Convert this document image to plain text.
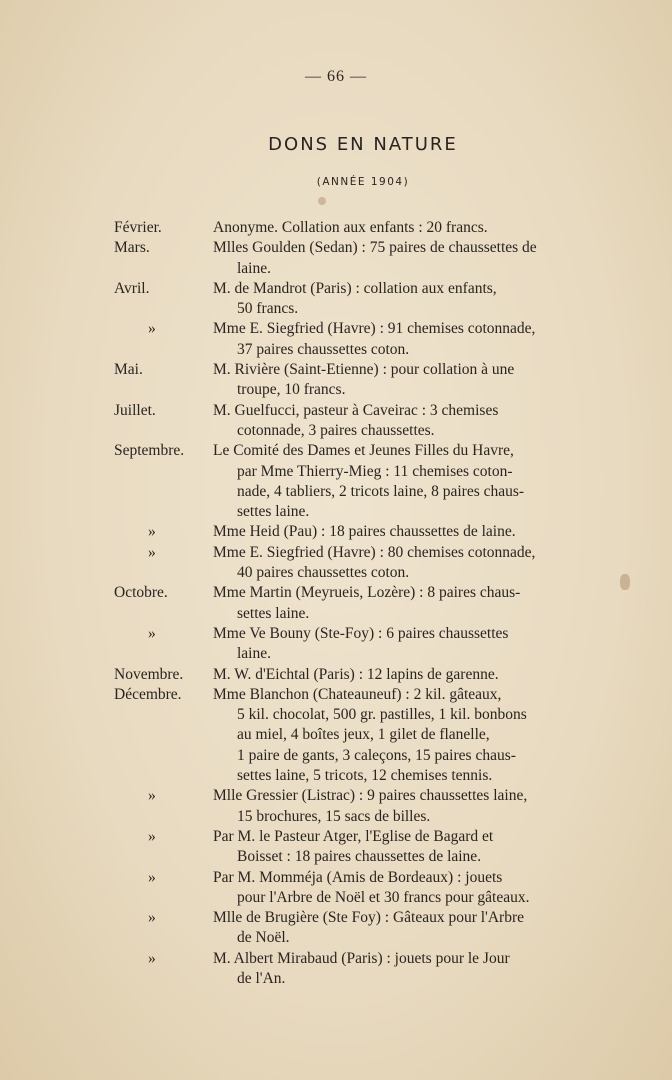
— 66 —
DONS EN NATURE
(ANNÉE 1904)
Février.	Anonyme. Collation aux enfants : 20 francs.
Mars.	Mlles Goulden (Sedan) : 75 paires de chaussettes de
laine.
Avril.	M. de Mandrot (Paris) : collation aux enfants,
50 francs.
»	Mme E. Siegfried (Havre) : 91 chemises cotonnade,
37 paires chaussettes coton.
Mai.	M. Rivière (Saint-Etienne) : pour collation à une
troupe, 10 francs.
Juillet.	M. Guelfucci, pasteur à Caveirac : 3 chemises
cotonnade, 3 paires chaussettes.
Septembre.	Le Comité des Dames et Jeunes Filles du Havre,
par Mme Thierry-Mieg : 11 chemises coton-
nade, 4 tabliers, 2 tricots laine, 8 paires chaus-
settes laine.
»	Mme Heid (Pau) : 18 paires chaussettes de laine.
»	Mme E. Siegfried (Havre) : 80 chemises cotonnade,
40 paires chaussettes coton.
Octobre.	Mme Martin (Meyrueis, Lozère) : 8 paires chaus-
settes laine.
»	Mme Ve Bouny (Ste-Foy) : 6 paires chaussettes
laine.
Novembre.	M. W. d'Eichtal (Paris) : 12 lapins de garenne.
Décembre.	Mme Blanchon (Chateauneuf) : 2 kil. gâteaux,
5 kil. chocolat, 500 gr. pastilles, 1 kil. bonbons
au miel, 4 boîtes jeux, 1 gilet de flanelle,
1 paire de gants, 3 caleçons, 15 paires chaus-
settes laine, 5 tricots, 12 chemises tennis.
»	Mlle Gressier (Listrac) : 9 paires chaussettes laine,
15 brochures, 15 sacs de billes.
»	Par M. le Pasteur Atger, l'Eglise de Bagard et
Boisset : 18 paires chaussettes de laine.
»	Par M. Momméja (Amis de Bordeaux) : jouets
pour l'Arbre de Noël et 30 francs pour gâteaux.
»	Mlle de Brugière (Ste Foy) : Gâteaux pour l'Arbre
de Noël.
»	M. Albert Mirabaud (Paris) : jouets pour le Jour
de l'An.
